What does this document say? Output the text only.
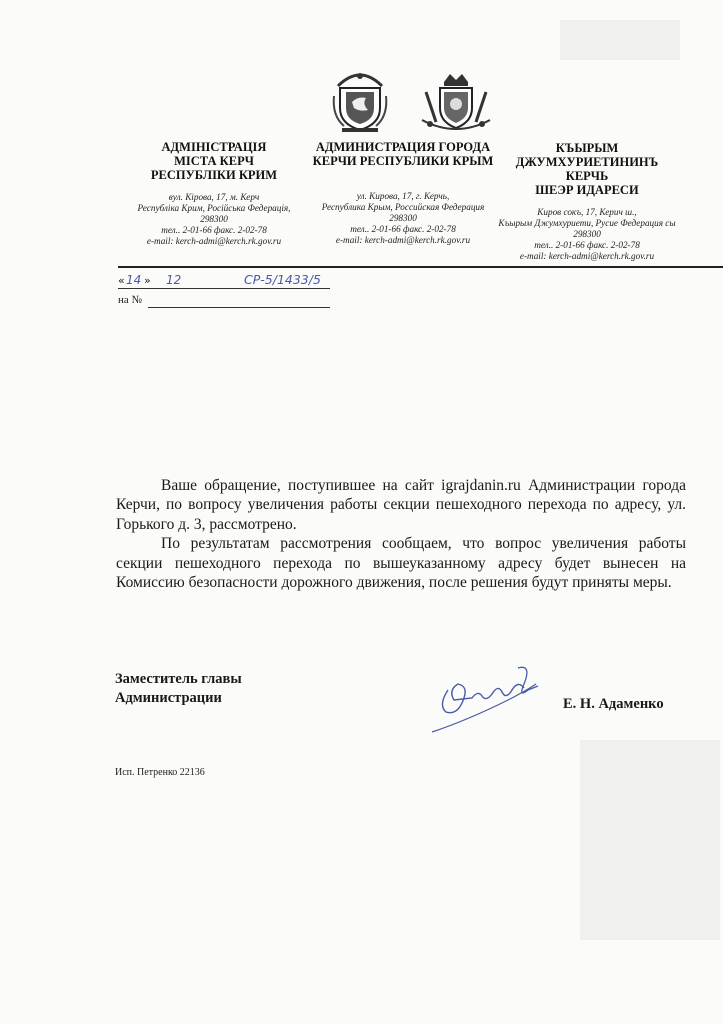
АДМІНІСТРАЦІЯ
МІСТА КЕРЧ
РЕСПУБЛІКИ КРИМ
вул. Кірова, 17, м. Керч
Республіка Крим, Російська Федерація,
298300
тел.. 2-01-66 факс. 2-02-78
e-mail: kerch-admi@kerch.rk.gov.ru
АДМИНИСТРАЦИЯ ГОРОДА
КЕРЧИ РЕСПУБЛИКИ КРЫМ
ул. Кирова, 17, г. Керчь,
Республика Крым, Российская Федерация
298300
тел.. 2-01-66 факс. 2-02-78
e-mail: kerch-admi@kerch.rk.gov.ru
КЪЫРЫМ
ДЖУМХУРИЕТИНИНЪ КЕРЧЬ
ШЕЭР ИДАРЕСИ
Киров сокъ, 17, Керич ш.,
Къырым Джумхуриети, Русие Федерация сы
298300
тел.. 2-01-66 факс. 2-02-78
e-mail: kerch-admi@kerch.rk.gov.ru
« 14 » 12	СР-5/1433/5
на №

Ваше обращение, поступившее на сайт igrajdanin.ru Администрации города Керчи, по вопросу увеличения работы секции пешеходного перехода по адресу, ул. Горького д. 3, рассмотрено.

По результатам рассмотрения сообщаем, что вопрос увеличения работы секции пешеходного перехода по вышеуказанному адресу будет вынесен на Комиссию безопасности дорожного движения, после решения будут приняты меры.

Заместитель главы
Администрации	Е. Н. Адаменко
Исп. Петренко 22136
